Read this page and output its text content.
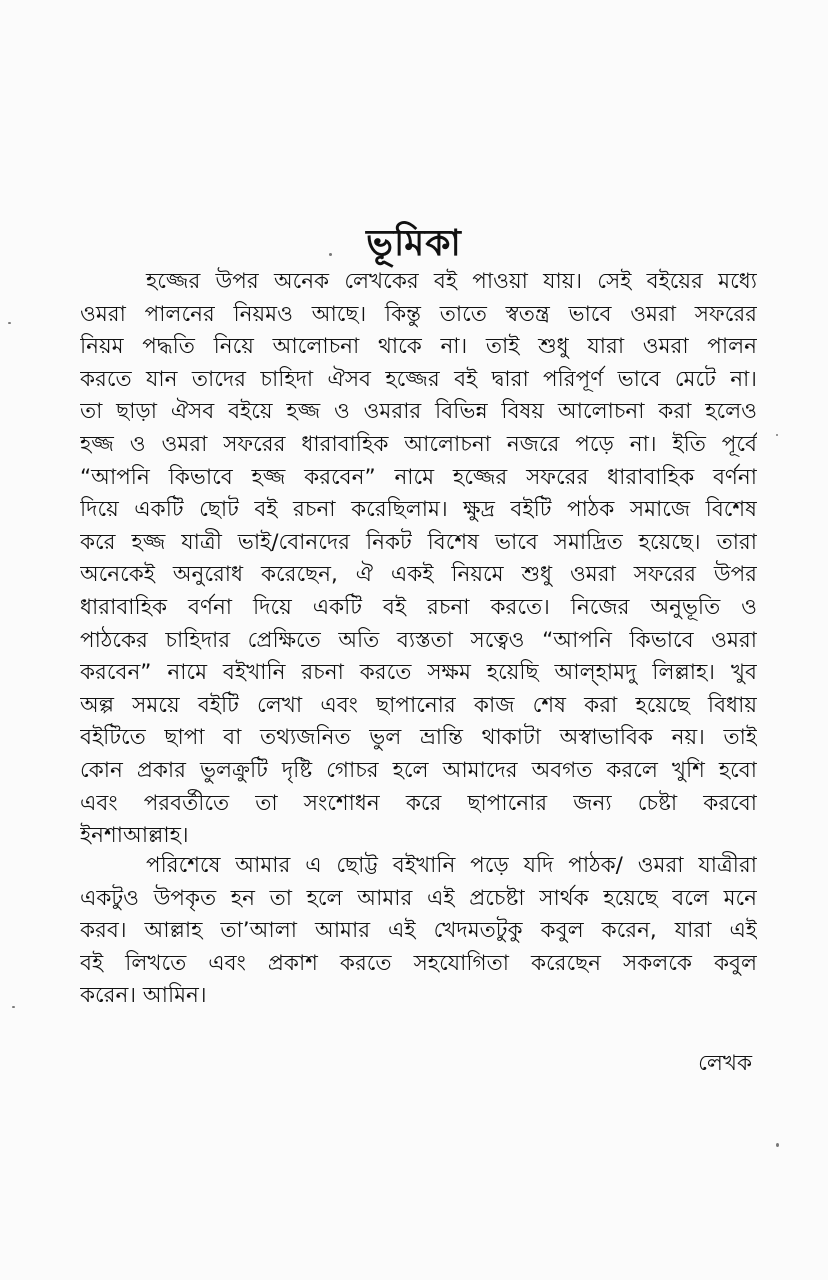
ভূমিকা
হজ্জের উপর অনেক লেখকের বই পাওয়া যায়। সেই বইয়ের মধ্যে
ওমরা পালনের নিয়মও আছে। কিন্তু তাতে স্বতন্ত্র ভাবে ওমরা সফরের
নিয়ম পদ্ধতি নিয়ে আলোচনা থাকে না। তাই শুধু যারা ওমরা পালন
করতে যান তাদের চাহিদা ঐসব হজ্জের বই দ্বারা পরিপূর্ণ ভাবে মেটে না।
তা ছাড়া ঐসব বইয়ে হজ্জ ও ওমরার বিভিন্ন বিষয় আলোচনা করা হলেও
হজ্জ ও ওমরা সফরের ধারাবাহিক আলোচনা নজরে পড়ে না। ইতি পূর্বে
“আপনি কিভাবে হজ্জ করবেন” নামে হজ্জের সফরের ধারাবাহিক বর্ণনা
দিয়ে একটি ছোট বই রচনা করেছিলাম। ক্ষুদ্র বইটি পাঠক সমাজে বিশেষ
করে হজ্জ যাত্রী ভাই/বোনদের নিকট বিশেষ ভাবে সমাদ্রিত হয়েছে। তারা
অনেকেই অনুরোধ করেছেন, ঐ একই নিয়মে শুধু ওমরা সফরের উপর
ধারাবাহিক বর্ণনা দিয়ে একটি বই রচনা করতে। নিজের অনুভূতি ও
পাঠকের চাহিদার প্রেক্ষিতে অতি ব্যস্ততা সত্বেও “আপনি কিভাবে ওমরা
করবেন” নামে বইখানি রচনা করতে সক্ষম হয়েছি আল্‌হামদু লিল্লাহ। খুব
অল্প সময়ে বইটি লেখা এবং ছাপানোর কাজ শেষ করা হয়েছে বিধায়
বইটিতে ছাপা বা তথ্যজনিত ভুল ভ্রান্তি থাকাটা অস্বাভাবিক নয়। তাই
কোন প্রকার ভুলক্রুটি দৃষ্টি গোচর হলে আমাদের অবগত করলে খুশি হবো
এবং পরবর্তীতে তা সংশোধন করে ছাপানোর জন্য চেষ্টা করবো
ইনশাআল্লাহ।
পরিশেষে আমার এ ছোট্ট বইখানি পড়ে যদি পাঠক/ ওমরা যাত্রীরা
একটুও উপকৃত হন তা হলে আমার এই প্রচেষ্টা সার্থক হয়েছে বলে মনে
করব। আল্লাহ তা’আলা আমার এই খেদমতটুকু কবুল করেন, যারা এই
বই লিখতে এবং প্রকাশ করতে সহযোগিতা করেছেন সকলকে কবুল
করেন। আমিন।
লেখক
